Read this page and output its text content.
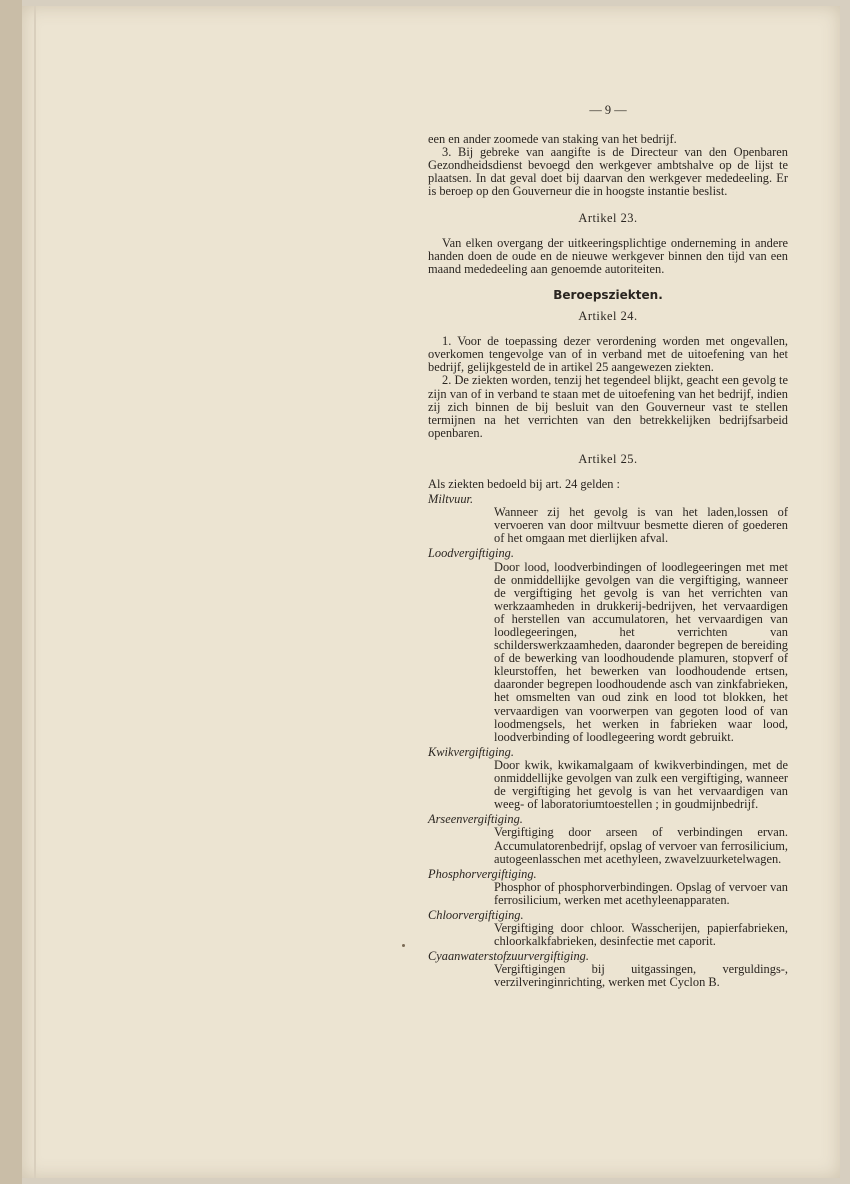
— 9 —

een en ander zoomede van staking van het bedrijf.

3. Bij gebreke van aangifte is de Directeur van den Openbaren Gezondheidsdienst bevoegd den werkgever ambtshalve op de lijst te plaatsen. In dat geval doet bij daarvan den werkgever mededeeling. Er is beroep op den Gouverneur die in hoogste instantie beslist.

Artikel 23.

Van elken overgang der uitkeeringsplichtige onderneming in andere handen doen de oude en de nieuwe werkgever binnen den tijd van een maand mededeeling aan genoemde autoriteiten.

Beroepsziekten.
Artikel 24.

1. Voor de toepassing dezer verordening worden met ongevallen, overkomen tengevolge van of in verband met de uitoefening van het bedrijf, gelijkgesteld de in artikel 25 aangewezen ziekten.

2. De ziekten worden, tenzij het tegendeel blijkt, geacht een gevolg te zijn van of in verband te staan met de uitoefening van het bedrijf, indien zij zich binnen de bij besluit van den Gouverneur vast te stellen termijnen na het verrichten van den betrekkelijken bedrijfsarbeid openbaren.

Artikel 25.

Als ziekten bedoeld bij art. 24 gelden :

Miltvuur.
Wanneer zij het gevolg is van het laden,lossen of vervoeren van door miltvuur besmette dieren of goederen of het omgaan met dierlijken afval.
Loodvergiftiging.
Door lood, loodverbindingen of loodlegeeringen met met de onmiddellijke gevolgen van die vergiftiging, wanneer de vergiftiging het gevolg is van het verrichten van werkzaamheden in drukkerij-bedrijven, het vervaardigen of herstellen van accumulatoren, het vervaardigen van loodlegeeringen, het verrichten van schilderswerkzaamheden, daaronder begrepen de bereiding of de bewerking van loodhoudende plamuren, stopverf of kleurstoffen, het bewerken van loodhoudende ertsen, daaronder begrepen loodhoudende asch van zinkfabrieken, het omsmelten van oud zink en lood tot blokken, het vervaardigen van voorwerpen van gegoten lood of van loodmengsels, het werken in fabrieken waar lood, loodverbinding of loodlegeering wordt gebruikt.
Kwikvergiftiging.
Door kwik, kwikamalgaam of kwikverbindingen, met de onmiddellijke gevolgen van zulk een vergiftiging, wanneer de vergiftiging het gevolg is van het vervaardigen van weeg- of laboratoriumtoestellen ; in goudmijnbedrijf.
Arseenvergiftiging.
Vergiftiging door arseen of verbindingen ervan. Accumulatorenbedrijf, opslag of vervoer van ferrosilicium, autogeenlasschen met acethyleen, zwavelzuurketelwagen.
Phosphorvergiftiging.
Phosphor of phosphorverbindingen. Opslag of vervoer van ferrosilicium, werken met acethyleenapparaten.
Chloorvergiftiging.
Vergiftiging door chloor. Wasscherijen, papierfabrieken, chloorkalkfabrieken, desinfectie met caporit.
Cyaanwaterstofzuurvergiftiging.
Vergiftigingen bij uitgassingen, verguldings-, verzilveringinrichting, werken met Cyclon B.
